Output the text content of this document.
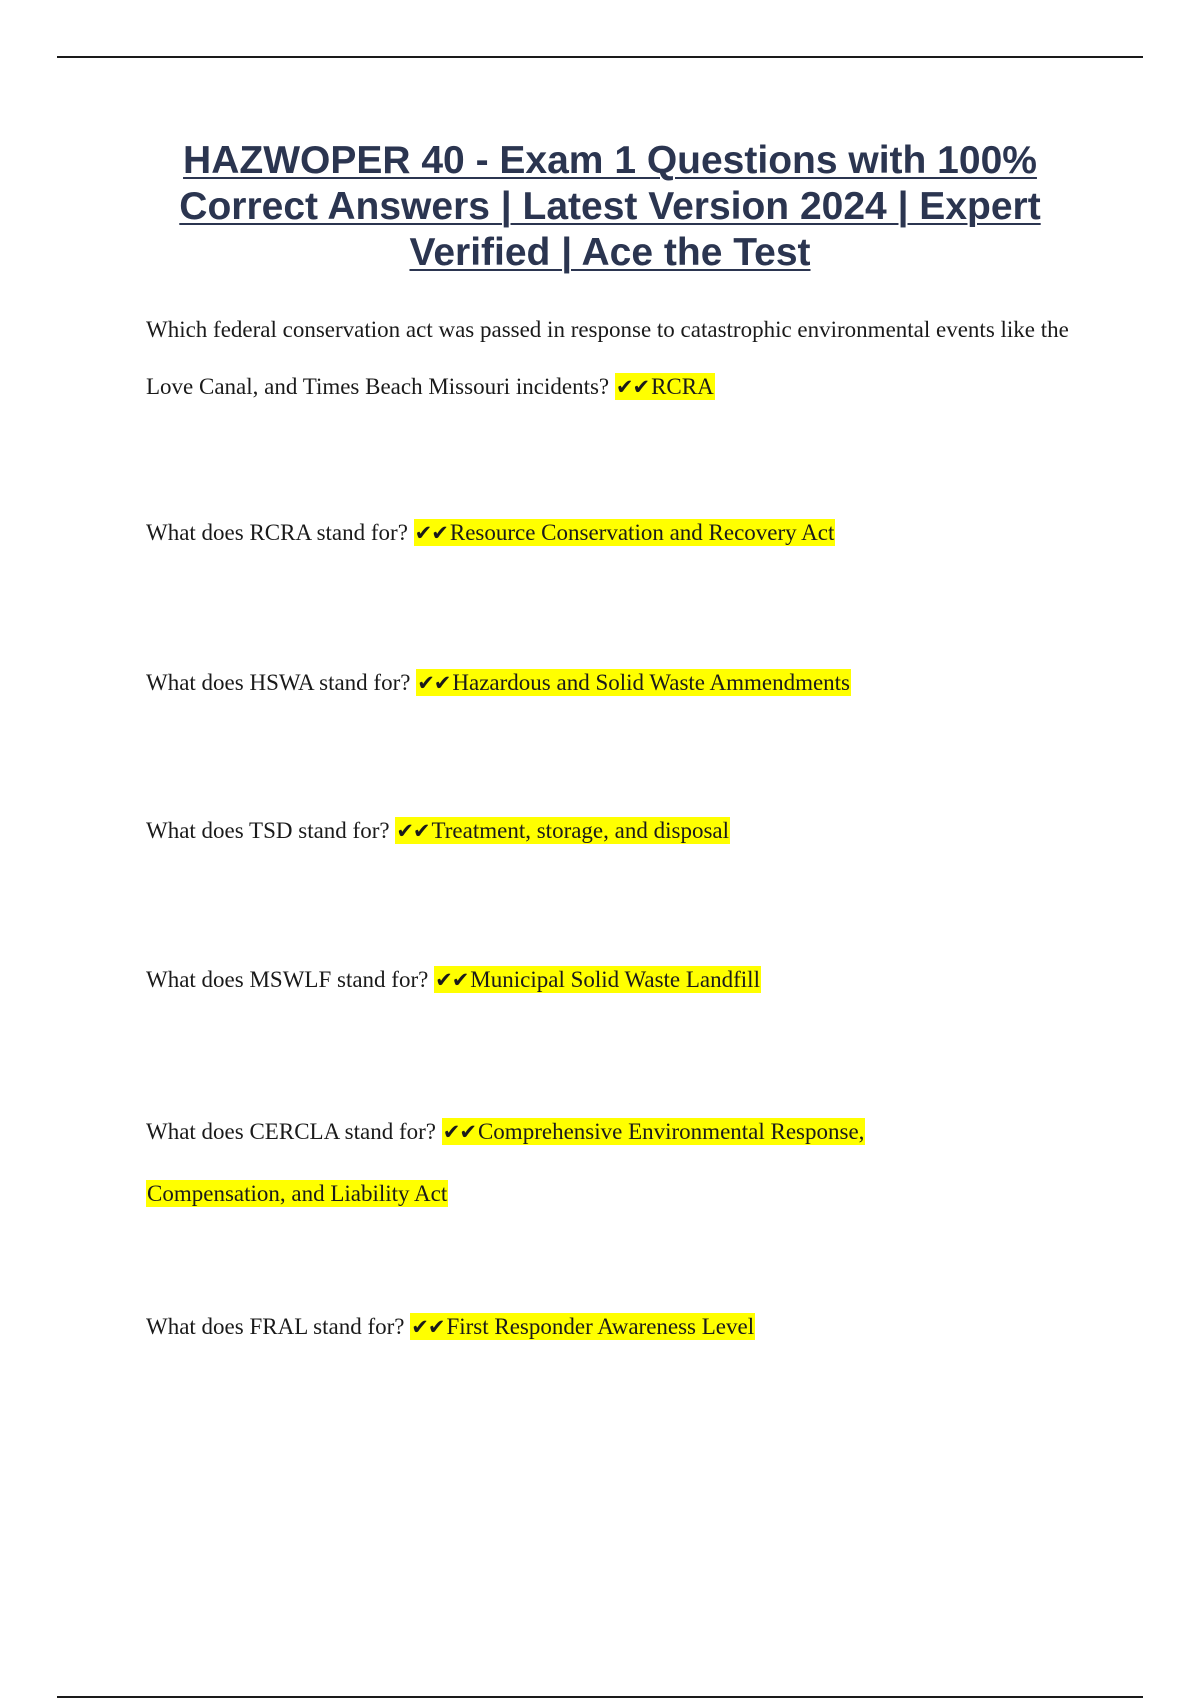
HAZWOPER 40 - Exam 1 Questions with 100% Correct Answers | Latest Version 2024 | Expert Verified | Ace the Test
Which federal conservation act was passed in response to catastrophic environmental events like the Love Canal, and Times Beach Missouri incidents? ✔✔RCRA
What does RCRA stand for? ✔✔Resource Conservation and Recovery Act
What does HSWA stand for? ✔✔Hazardous and Solid Waste Ammendments
What does TSD stand for? ✔✔Treatment, storage, and disposal
What does MSWLF stand for? ✔✔Municipal Solid Waste Landfill
What does CERCLA stand for? ✔✔Comprehensive Environmental Response, Compensation, and Liability Act
What does FRAL stand for? ✔✔First Responder Awareness Level
